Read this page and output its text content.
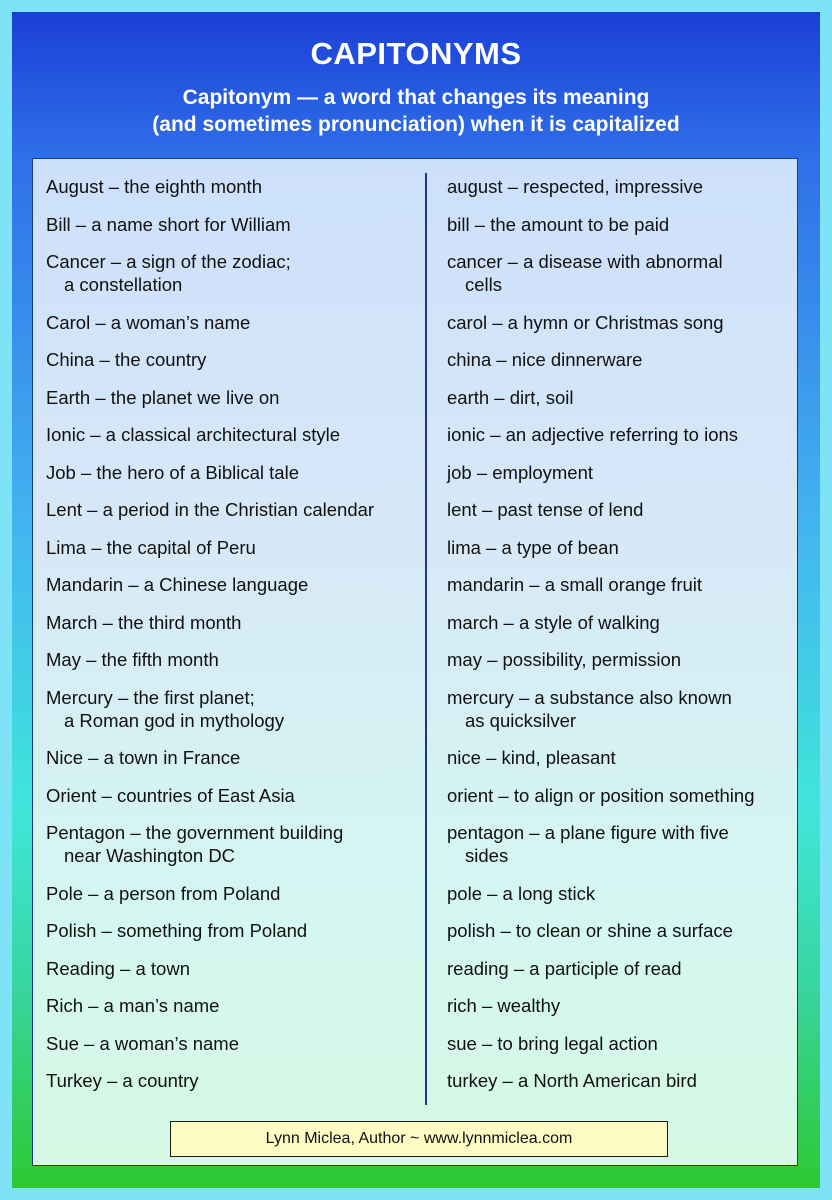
CAPITONYMS
Capitonym — a word that changes its meaning
(and sometimes pronunciation) when it is capitalized
August – the eighth month
Bill – a name short for William
Cancer – a sign of the zodiac;
a constellation
Carol – a woman’s name
China – the country
Earth – the planet we live on
Ionic – a classical architectural style
Job – the hero of a Biblical tale
Lent – a period in the Christian calendar
Lima – the capital of Peru
Mandarin – a Chinese language
March – the third month
May – the fifth month
Mercury – the first planet;
a Roman god in mythology
Nice – a town in France
Orient – countries of East Asia
Pentagon – the government building
near Washington DC
Pole – a person from Poland
Polish – something from Poland
Reading – a town
Rich – a man’s name
Sue – a woman’s name
Turkey – a country
august – respected, impressive
bill – the amount to be paid
cancer – a disease with abnormal
cells
carol – a hymn or Christmas song
china – nice dinnerware
earth – dirt, soil
ionic – an adjective referring to ions
job – employment
lent – past tense of lend
lima – a type of bean
mandarin – a small orange fruit
march – a style of walking
may – possibility, permission
mercury – a substance also known
as quicksilver
nice – kind, pleasant
orient – to align or position something
pentagon – a plane figure with five
sides
pole – a long stick
polish – to clean or shine a surface
reading – a participle of read
rich – wealthy
sue – to bring legal action
turkey – a North American bird
Lynn Miclea, Author ~ www.lynnmiclea.com
